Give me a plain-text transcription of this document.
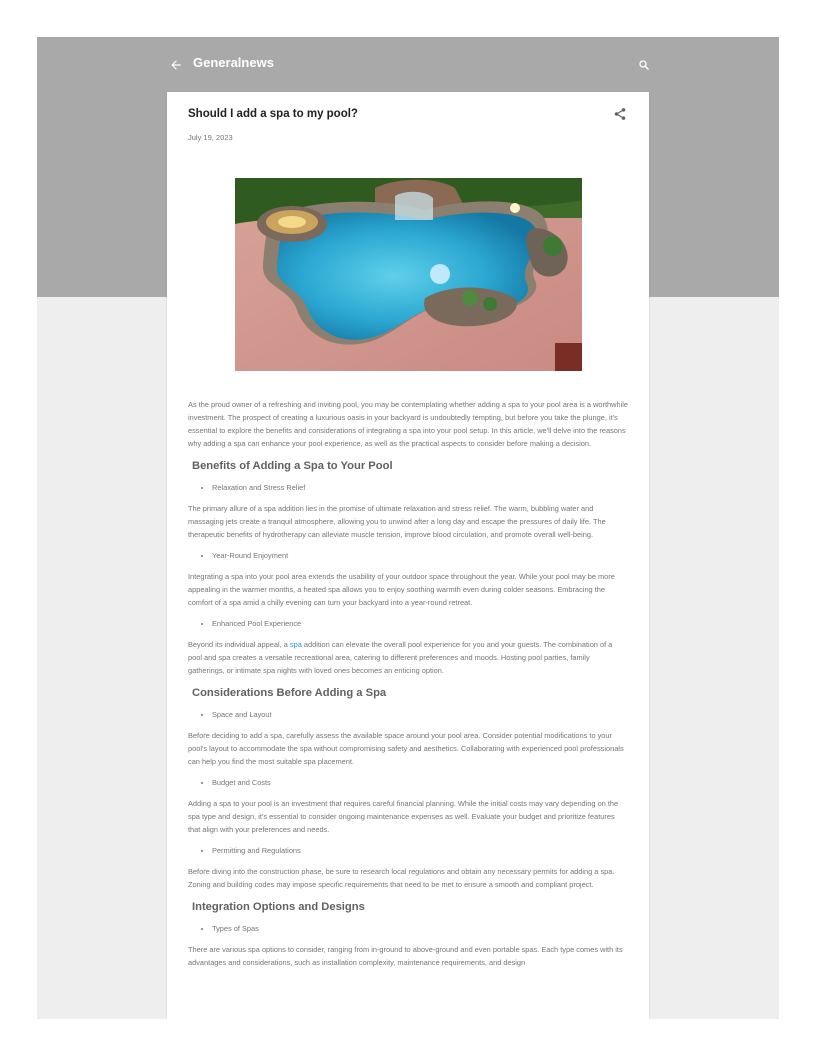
Generalnews
Should I add a spa to my pool?
July 19, 2023

As the proud owner of a refreshing and inviting pool, you may be contemplating whether adding a spa to your pool area is a worthwhile investment. The prospect of creating a luxurious oasis in your backyard is undoubtedly tempting, but before you take the plunge, it's essential to explore the benefits and considerations of integrating a spa into your pool setup. In this article, we'll delve into the reasons why adding a spa can enhance your pool experience, as well as the practical aspects to consider before making a decision.

Benefits of Adding a Spa to Your Pool
• Relaxation and Stress Relief

The primary allure of a spa addition lies in the promise of ultimate relaxation and stress relief. The warm, bubbling water and massaging jets create a tranquil atmosphere, allowing you to unwind after a long day and escape the pressures of daily life. The therapeutic benefits of hydrotherapy can alleviate muscle tension, improve blood circulation, and promote overall well-being.

• Year-Round Enjoyment

Integrating a spa into your pool area extends the usability of your outdoor space throughout the year. While your pool may be more appealing in the warmer months, a heated spa allows you to enjoy soothing warmth even during colder seasons. Embracing the comfort of a spa amid a chilly evening can turn your backyard into a year-round retreat.

• Enhanced Pool Experience

Beyond its individual appeal, a spa addition can elevate the overall pool experience for you and your guests. The combination of a pool and spa creates a versatile recreational area, catering to different preferences and moods. Hosting pool parties, family gatherings, or intimate spa nights with loved ones becomes an enticing option.

Considerations Before Adding a Spa
• Space and Layout

Before deciding to add a spa, carefully assess the available space around your pool area. Consider potential modifications to your pool's layout to accommodate the spa without compromising safety and aesthetics. Collaborating with experienced pool professionals can help you find the most suitable spa placement.

• Budget and Costs

Adding a spa to your pool is an investment that requires careful financial planning. While the initial costs may vary depending on the spa type and design, it's essential to consider ongoing maintenance expenses as well. Evaluate your budget and prioritize features that align with your preferences and needs.

• Permitting and Regulations

Before diving into the construction phase, be sure to research local regulations and obtain any necessary permits for adding a spa. Zoning and building codes may impose specific requirements that need to be met to ensure a smooth and compliant project.

Integration Options and Designs
• Types of Spas

There are various spa options to consider, ranging from in-ground to above-ground and even portable spas. Each type comes with its advantages and considerations, such as installation complexity, maintenance requirements, and design
